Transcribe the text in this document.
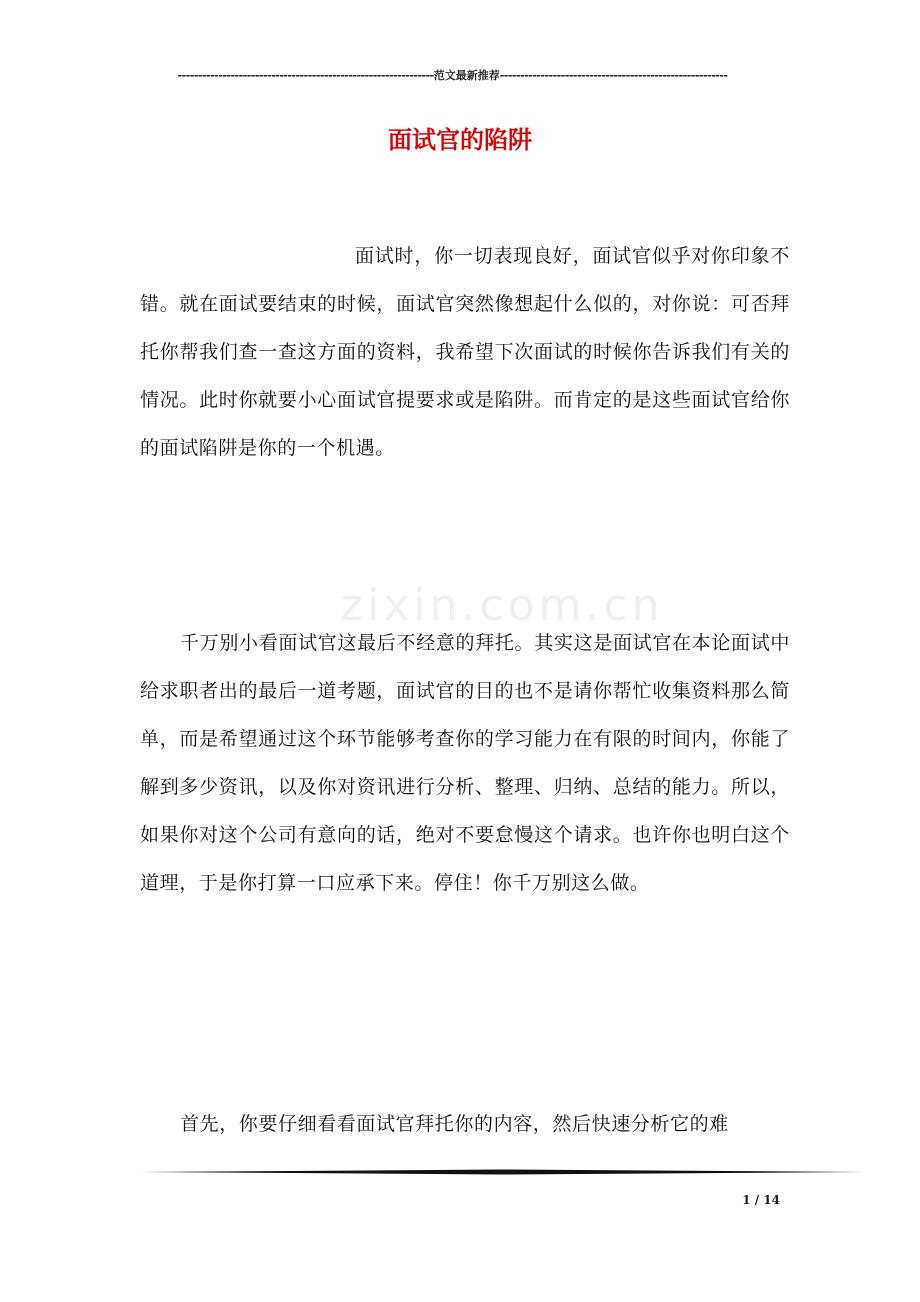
---------------------------------------------------------------范文最新推荐--------------------------------------------------------
面试官的陷阱
zixin.com.cn
面试时，你一切表现良好，面试官似乎对你印象不错。就在面试要结束的时候，面试官突然像想起什么似的，对你说：可否拜托你帮我们查一查这方面的资料，我希望下次面试的时候你告诉我们有关的情况。此时你就要小心面试官提要求或是陷阱。而肯定的是这些面试官给你的面试陷阱是你的一个机遇。
千万别小看面试官这最后不经意的拜托。其实这是面试官在本论面试中给求职者出的最后一道考题，面试官的目的也不是请你帮忙收集资料那么简单，而是希望通过这个环节能够考查你的学习能力在有限的时间内，你能了解到多少资讯，以及你对资讯进行分析、整理、归纳、总结的能力。所以，如果你对这个公司有意向的话，绝对不要怠慢这个请求。也许你也明白这个道理，于是你打算一口应承下来。停住！你千万别这么做。
首先，你要仔细看看面试官拜托你的内容，然后快速分析它的难
1 / 14
